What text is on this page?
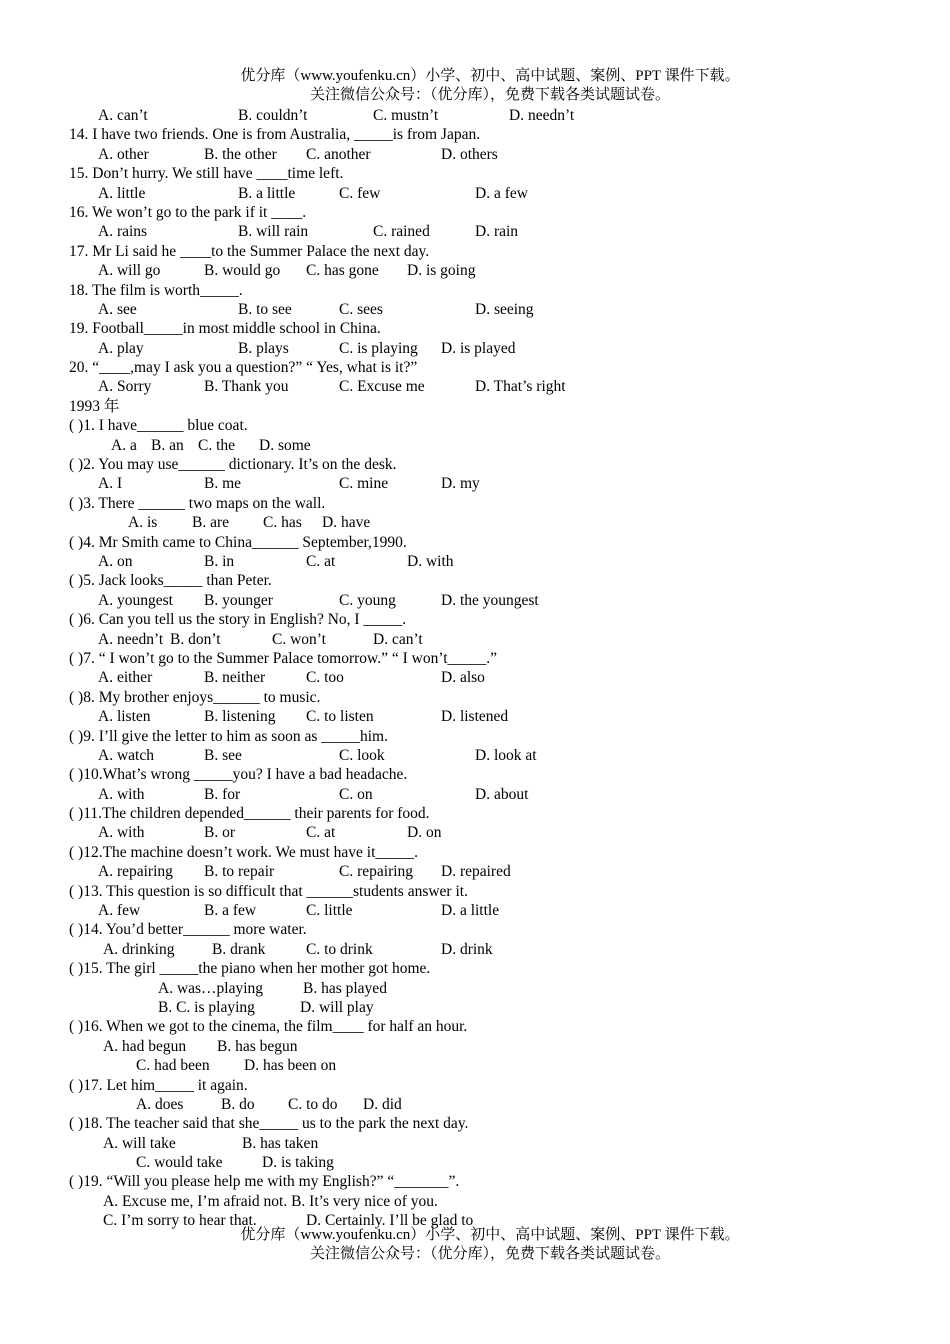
优分库（www.youfenku.cn）小学、初中、高中试题、案例、PPT 课件下载。
关注微信公众号：（优分库），免费下载各类试题试卷。
A. can’t	B. couldn’t	C. mustn’t	D. needn’t
14. I have two friends. One is from Australia, _____is from Japan.
A. other	B. the other C. another	D. others
15. Don’t hurry. We still have ____time left.
A. little	B. a little	C. few	D. a few
16. We won’t go to the park if it ____.
A. rains	B. will rain	C. rained	D. rain
17. Mr Li said he ____to the Summer Palace the next day.
A. will go	B. would go C. has gone D. is going
18. The film is worth_____.
A. see	B. to see	C. sees	D. seeing
19. Football_____in most middle school in China.
A. play	B. plays	C. is playing D. is played
20. “____,may I ask you a question?” “ Yes, what is it?”
A. Sorry	B. Thank you	C. Excuse me	D. That’s right
1993 年
( )1. I have______ blue coat.
A. a B. an C. the D. some
( )2. You may use______ dictionary. It’s on the desk.
A. I	B. me	C. mine	D. my
( )3. There ______ two maps on the wall.
A. is B. are C. has D. have
( )4. Mr Smith came to China______ September,1990.
A. on	B. in	C. at	D. with
( )5. Jack looks_____ than Peter.
A. youngest B. younger	C. young	D. the youngest
( )6. Can you tell us the story in English? No, I _____.
A. needn’t B. don’t	C. won’t	D. can’t
( )7. “ I won’t go to the Summer Palace tomorrow.” “ I won’t_____.”
A. either	B. neither	C. too	D. also
( )8. My brother enjoys______ to music.
A. listen	B. listening C. to listen	D. listened
( )9. I’ll give the letter to him as soon as _____him.
A. watch	B. see	C. look	D. look at
( )10.What’s wrong _____you? I have a bad headache.
A. with	B. for	C. on	D. about
( )11.The children depended______ their parents for food.
A. with	B. or	C. at	D. on
( )12.The machine doesn’t work. We must have it_____.
A. repairing B. to repair	C. repairing D. repaired
( )13. This question is so difficult that ______students answer it.
A. few	B. a few	C. little	D. a little
( )14. You’d better______ more water.
A. drinking B. drank	C. to drink	D. drink
( )15. The girl _____the piano when her mother got home.
A. was…playing	B. has played
B. C. is playing	D. will play
( )16. When we got to the cinema, the film____ for half an hour.
A. had begun B. has begun
C. had been D. has been on
( )17. Let him_____ it again.
A. does B. do C. to do D. did
( )18. The teacher said that she_____ us to the park the next day.
A. will take	B. has taken
C. would take	D. is taking
( )19. “Will you please help me with my English?” “_______”.
A. Excuse me, I’m afraid not. B. It’s very nice of you.
C. I’m sorry to hear that.	D. Certainly. I’ll be glad to
优分库（www.youfenku.cn）小学、初中、高中试题、案例、PPT 课件下载。
关注微信公众号：（优分库），免费下载各类试题试卷。
